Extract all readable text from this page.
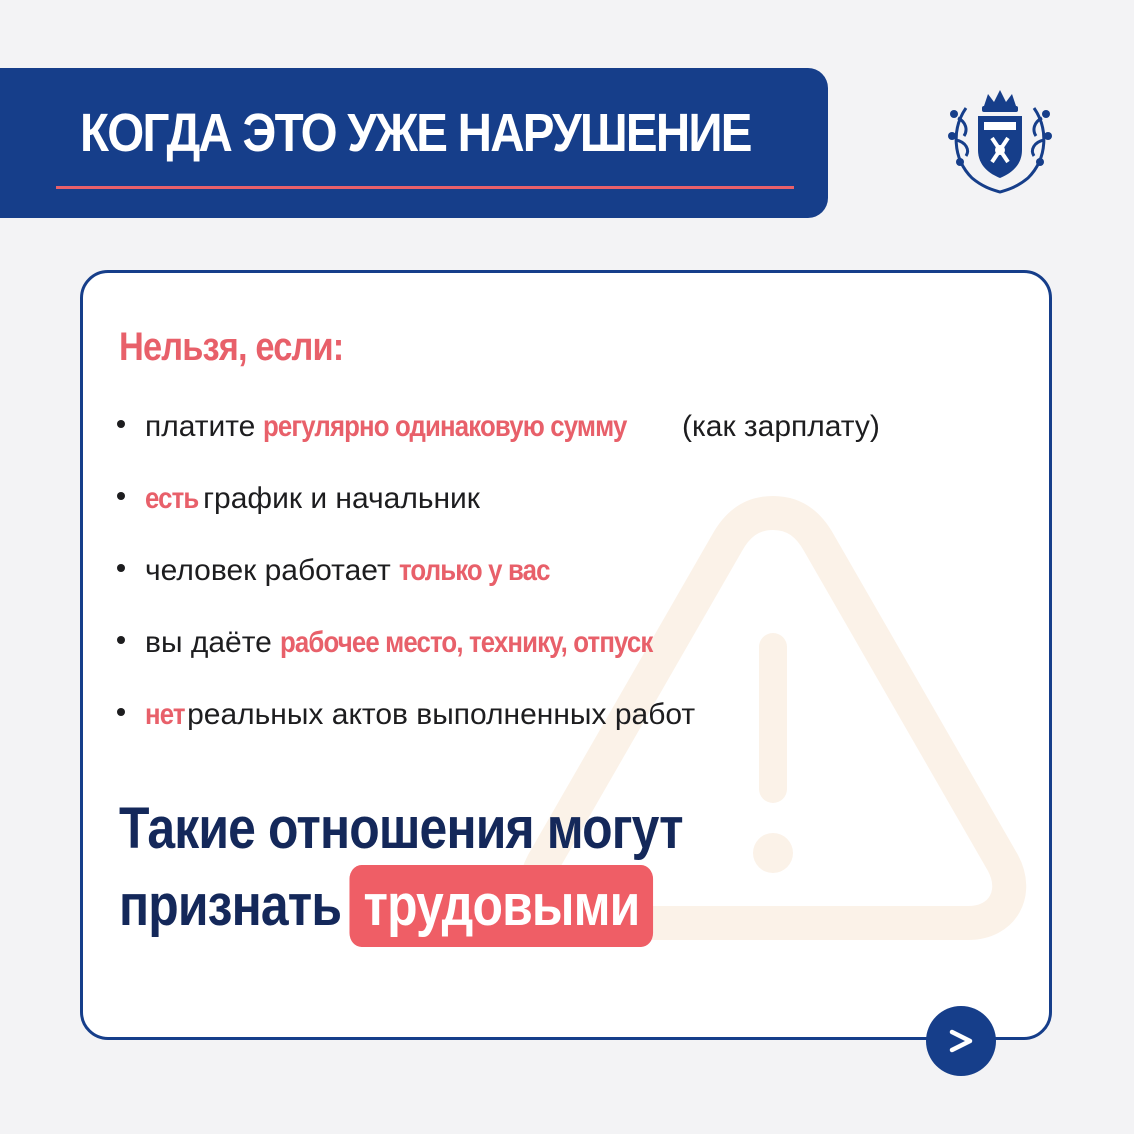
КОГДА ЭТО УЖЕ НАРУШЕНИЕ
Нельзя, если:
платите регулярно одинаковую сумму (как зарплату)
есть график и начальник
человек работает только у вас
вы даёте рабочее место, технику, отпуск
нет реальных актов выполненных работ
Такие отношения могут
признать трудовыми
